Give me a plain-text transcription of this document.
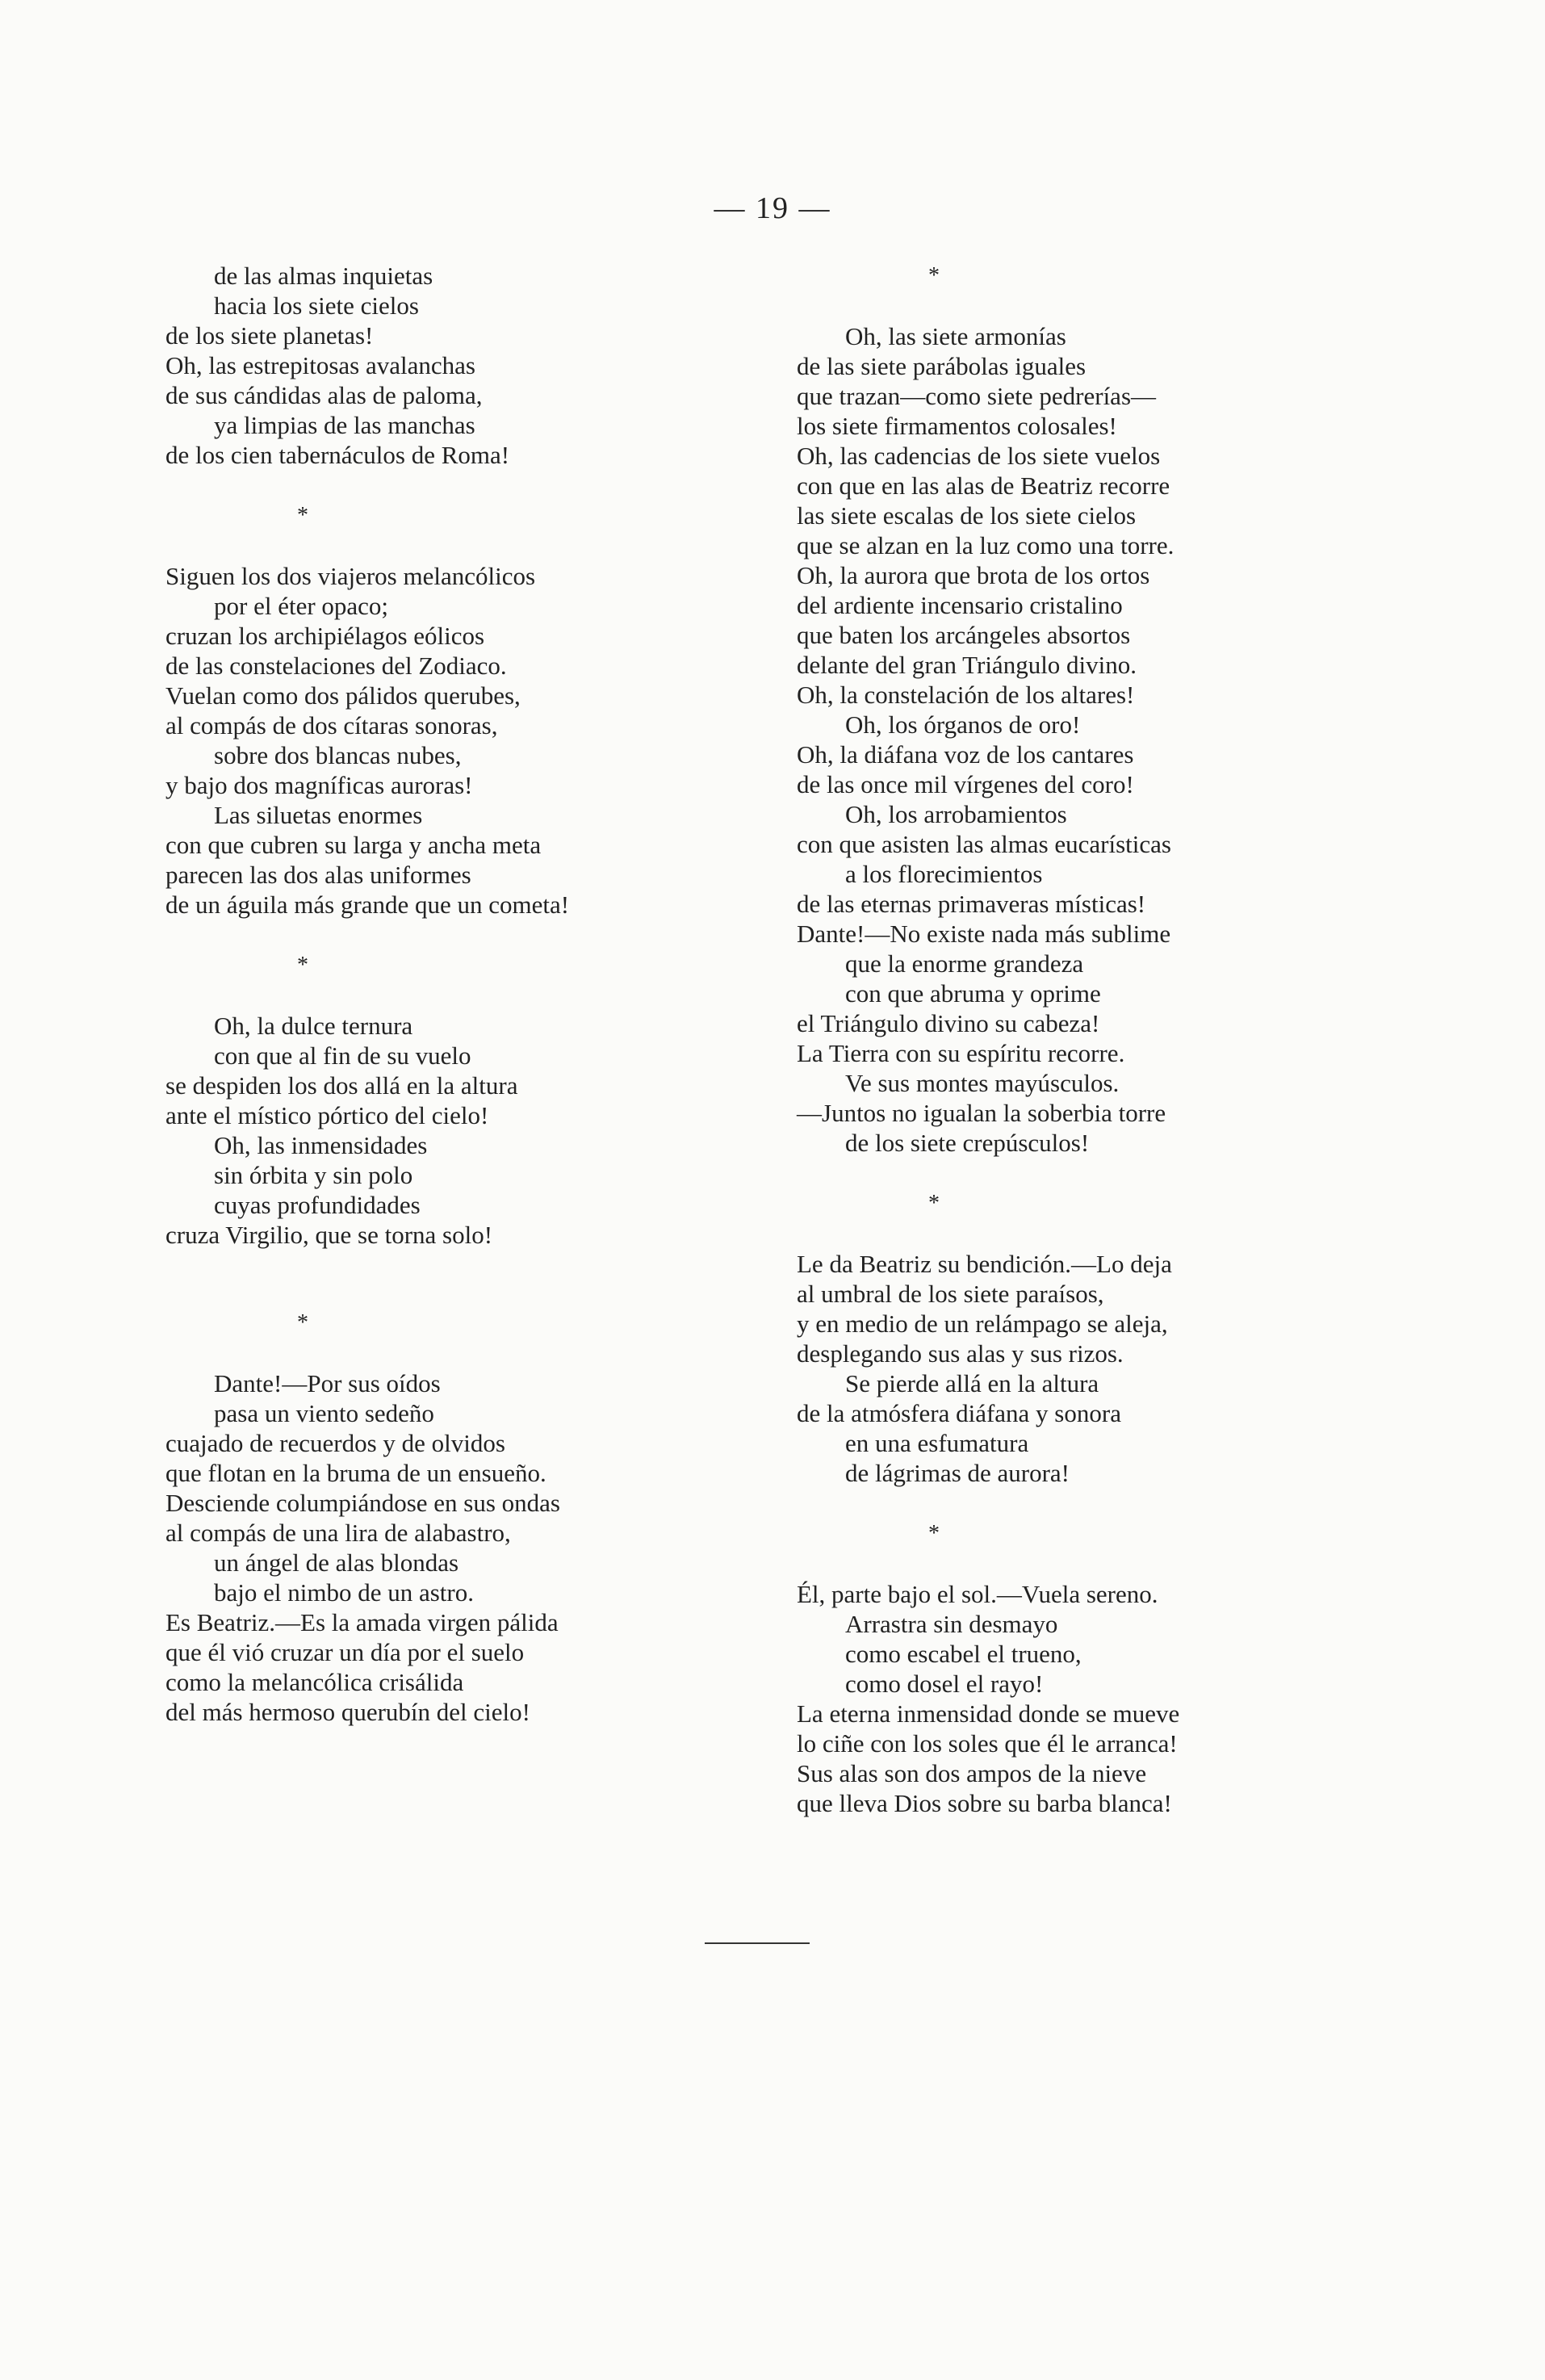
— 19 —
de las almas inquietas
hacia los siete cielos
de los siete planetas!
Oh, las estrepitosas avalanchas
de sus cándidas alas de paloma,
ya limpias de las manchas
de los cien tabernáculos de Roma!
*
Siguen los dos viajeros melancólicos
por el éter opaco;
cruzan los archipiélagos eólicos
de las constelaciones del Zodiaco.
Vuelan como dos pálidos querubes,
al compás de dos cítaras sonoras,
sobre dos blancas nubes,
y bajo dos magníficas auroras!
Las siluetas enormes
con que cubren su larga y ancha meta
parecen las dos alas uniformes
de un águila más grande que un cometa!
*
Oh, la dulce ternura
con que al fin de su vuelo
se despiden los dos allá en la altura
ante el místico pórtico del cielo!
Oh, las inmensidades
sin órbita y sin polo
cuyas profundidades
cruza Virgilio, que se torna solo!
*
Dante!—Por sus oídos
pasa un viento sedeño
cuajado de recuerdos y de olvidos
que flotan en la bruma de un ensueño.
Desciende columpiándose en sus ondas
al compás de una lira de alabastro,
un ángel de alas blondas
bajo el nimbo de un astro.
Es Beatriz.—Es la amada virgen pálida
que él vió cruzar un día por el suelo
como la melancólica crisálida
del más hermoso querubín del cielo!
*
Oh, las siete armonías
de las siete parábolas iguales
que trazan—como siete pedrerías—
los siete firmamentos colosales!
Oh, las cadencias de los siete vuelos
con que en las alas de Beatriz recorre
las siete escalas de los siete cielos
que se alzan en la luz como una torre.
Oh, la aurora que brota de los ortos
del ardiente incensario cristalino
que baten los arcángeles absortos
delante del gran Triángulo divino.
Oh, la constelación de los altares!
Oh, los órganos de oro!
Oh, la diáfana voz de los cantares
de las once mil vírgenes del coro!
Oh, los arrobamientos
con que asisten las almas eucarísticas
a los florecimientos
de las eternas primaveras místicas!
Dante!—No existe nada más sublime
que la enorme grandeza
con que abruma y oprime
el Triángulo divino su cabeza!
La Tierra con su espíritu recorre.
Ve sus montes mayúsculos.
—Juntos no igualan la soberbia torre
de los siete crepúsculos!
*
Le da Beatriz su bendición.—Lo deja
al umbral de los siete paraísos,
y en medio de un relámpago se aleja,
desplegando sus alas y sus rizos.
Se pierde allá en la altura
de la atmósfera diáfana y sonora
en una esfumatura
de lágrimas de aurora!
*
Él, parte bajo el sol.—Vuela sereno.
Arrastra sin desmayo
como escabel el trueno,
como dosel el rayo!
La eterna inmensidad donde se mueve
lo ciñe con los soles que él le arranca!
Sus alas son dos ampos de la nieve
que lleva Dios sobre su barba blanca!
